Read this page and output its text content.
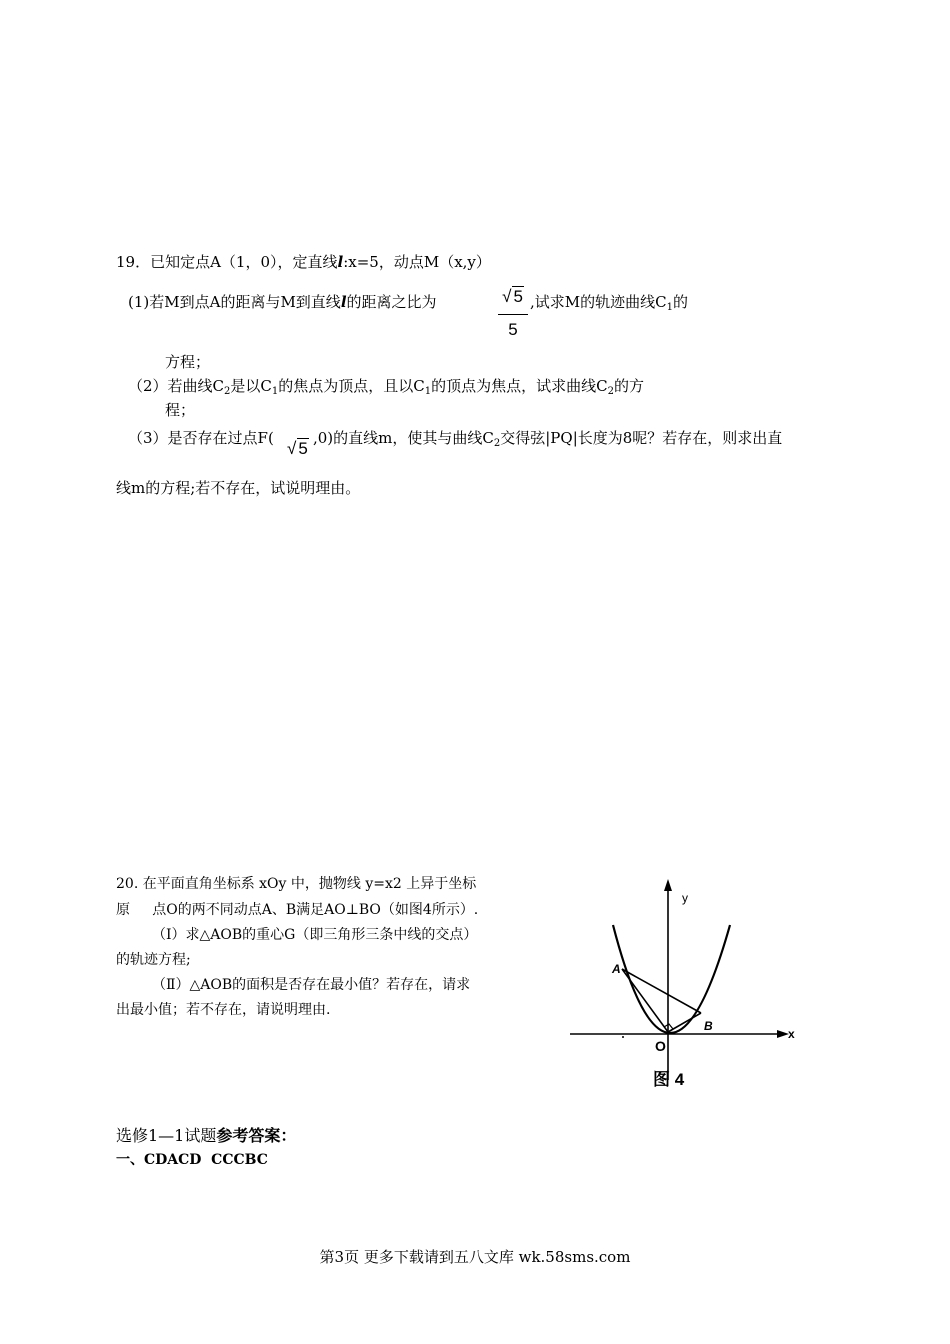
19．已知定点A（1，0），定直线l:x=5，动点M（x,y）
(1)若M到点A的距离与M到直线l的距离之比为	√ 5
5
,试求M的轨迹曲线$C_1$的
方程；
（2）若曲线$C_2$是以$C_1$的焦点为顶点，且以$C_1$的顶点为焦点，试求曲线$C_2$的方
程；
（3）是否存在过点F(
√ 5
,0)的直线m，使其与曲线$C_2$交得弦|PQ|长度为8呢？若存在，则求出直
线m的方程;若不存在，试说明理由。
20. 在平面直角坐标系 xOy 中，抛物线 y=x2 上异于坐标
原     点O的两不同动点A、B满足AO⊥BO（如图4所示）.
（Ⅰ）求△AOB的重心G（即三角形三条中线的交点）
的轨迹方程;
（Ⅱ）△AOB的面积是否存在最小值？若存在，请求
出最小值；若不存在，请说明理由.
y
x
A
B
O
图 4
选修1—1试题参考答案：
一、CDACD  CCCBC
第3页 更多下载请到五八文库 wk.58sms.com
